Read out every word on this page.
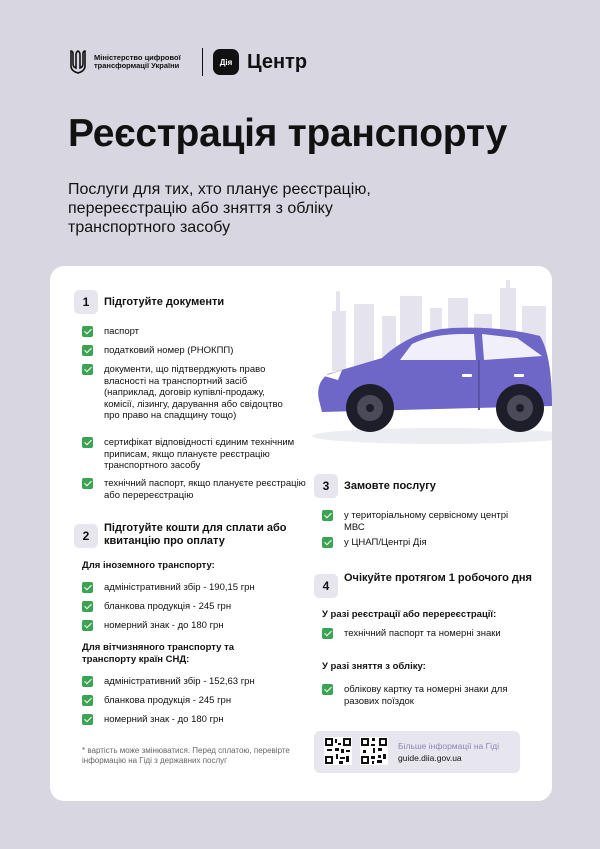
Міністерство цифрової трансформації України	Дія Центр
Реєстрація транспорту
Послуги для тих, хто планує реєстрацію, перереєстрацію або зняття з обліку транспортного засобу
1	Підготуйте документи
паспорт
податковий номер (РНОКПП)
документи, що підтверджують право власності на транспортний засіб (наприклад, договір купівлі-продажу, комісії, лізингу, дарування або свідоцтво про право на спадщину тощо)
сертифікат відповідності єдиним технічним приписам, якщо плануєте реєстрацію транспортного засобу
технічний паспорт, якщо плануєте реєстрацію або перереєстрацію
2
Підготуйте кошти для сплати або квитанцію про оплату
Для іноземного транспорту:
адміністративний збір - 190,15 грн
бланкова продукція - 245 грн
номерний знак - до 180 грн
Для вітчизняного транспорту та транспорту країн СНД:
адміністративний збір - 152,63 грн
бланкова продукція - 245 грн
номерний знак - до 180 грн
* вартість може змінюватися. Перед сплатою, перевірте інформацію на Гіді з державних послуг
3	Замовте послугу
у територіальному сервісному центрі МВС
у ЦНАП/Центрі Дія
4
Очікуйте протягом 1 робочого дня
У разі реєстрації або перереєстрації:
технічний паспорт та номерні знаки
У разі зняття з обліку:
облікову картку та номерні знаки для разових поїздок
Більше інформації на Гіді
guide.diia.gov.ua
